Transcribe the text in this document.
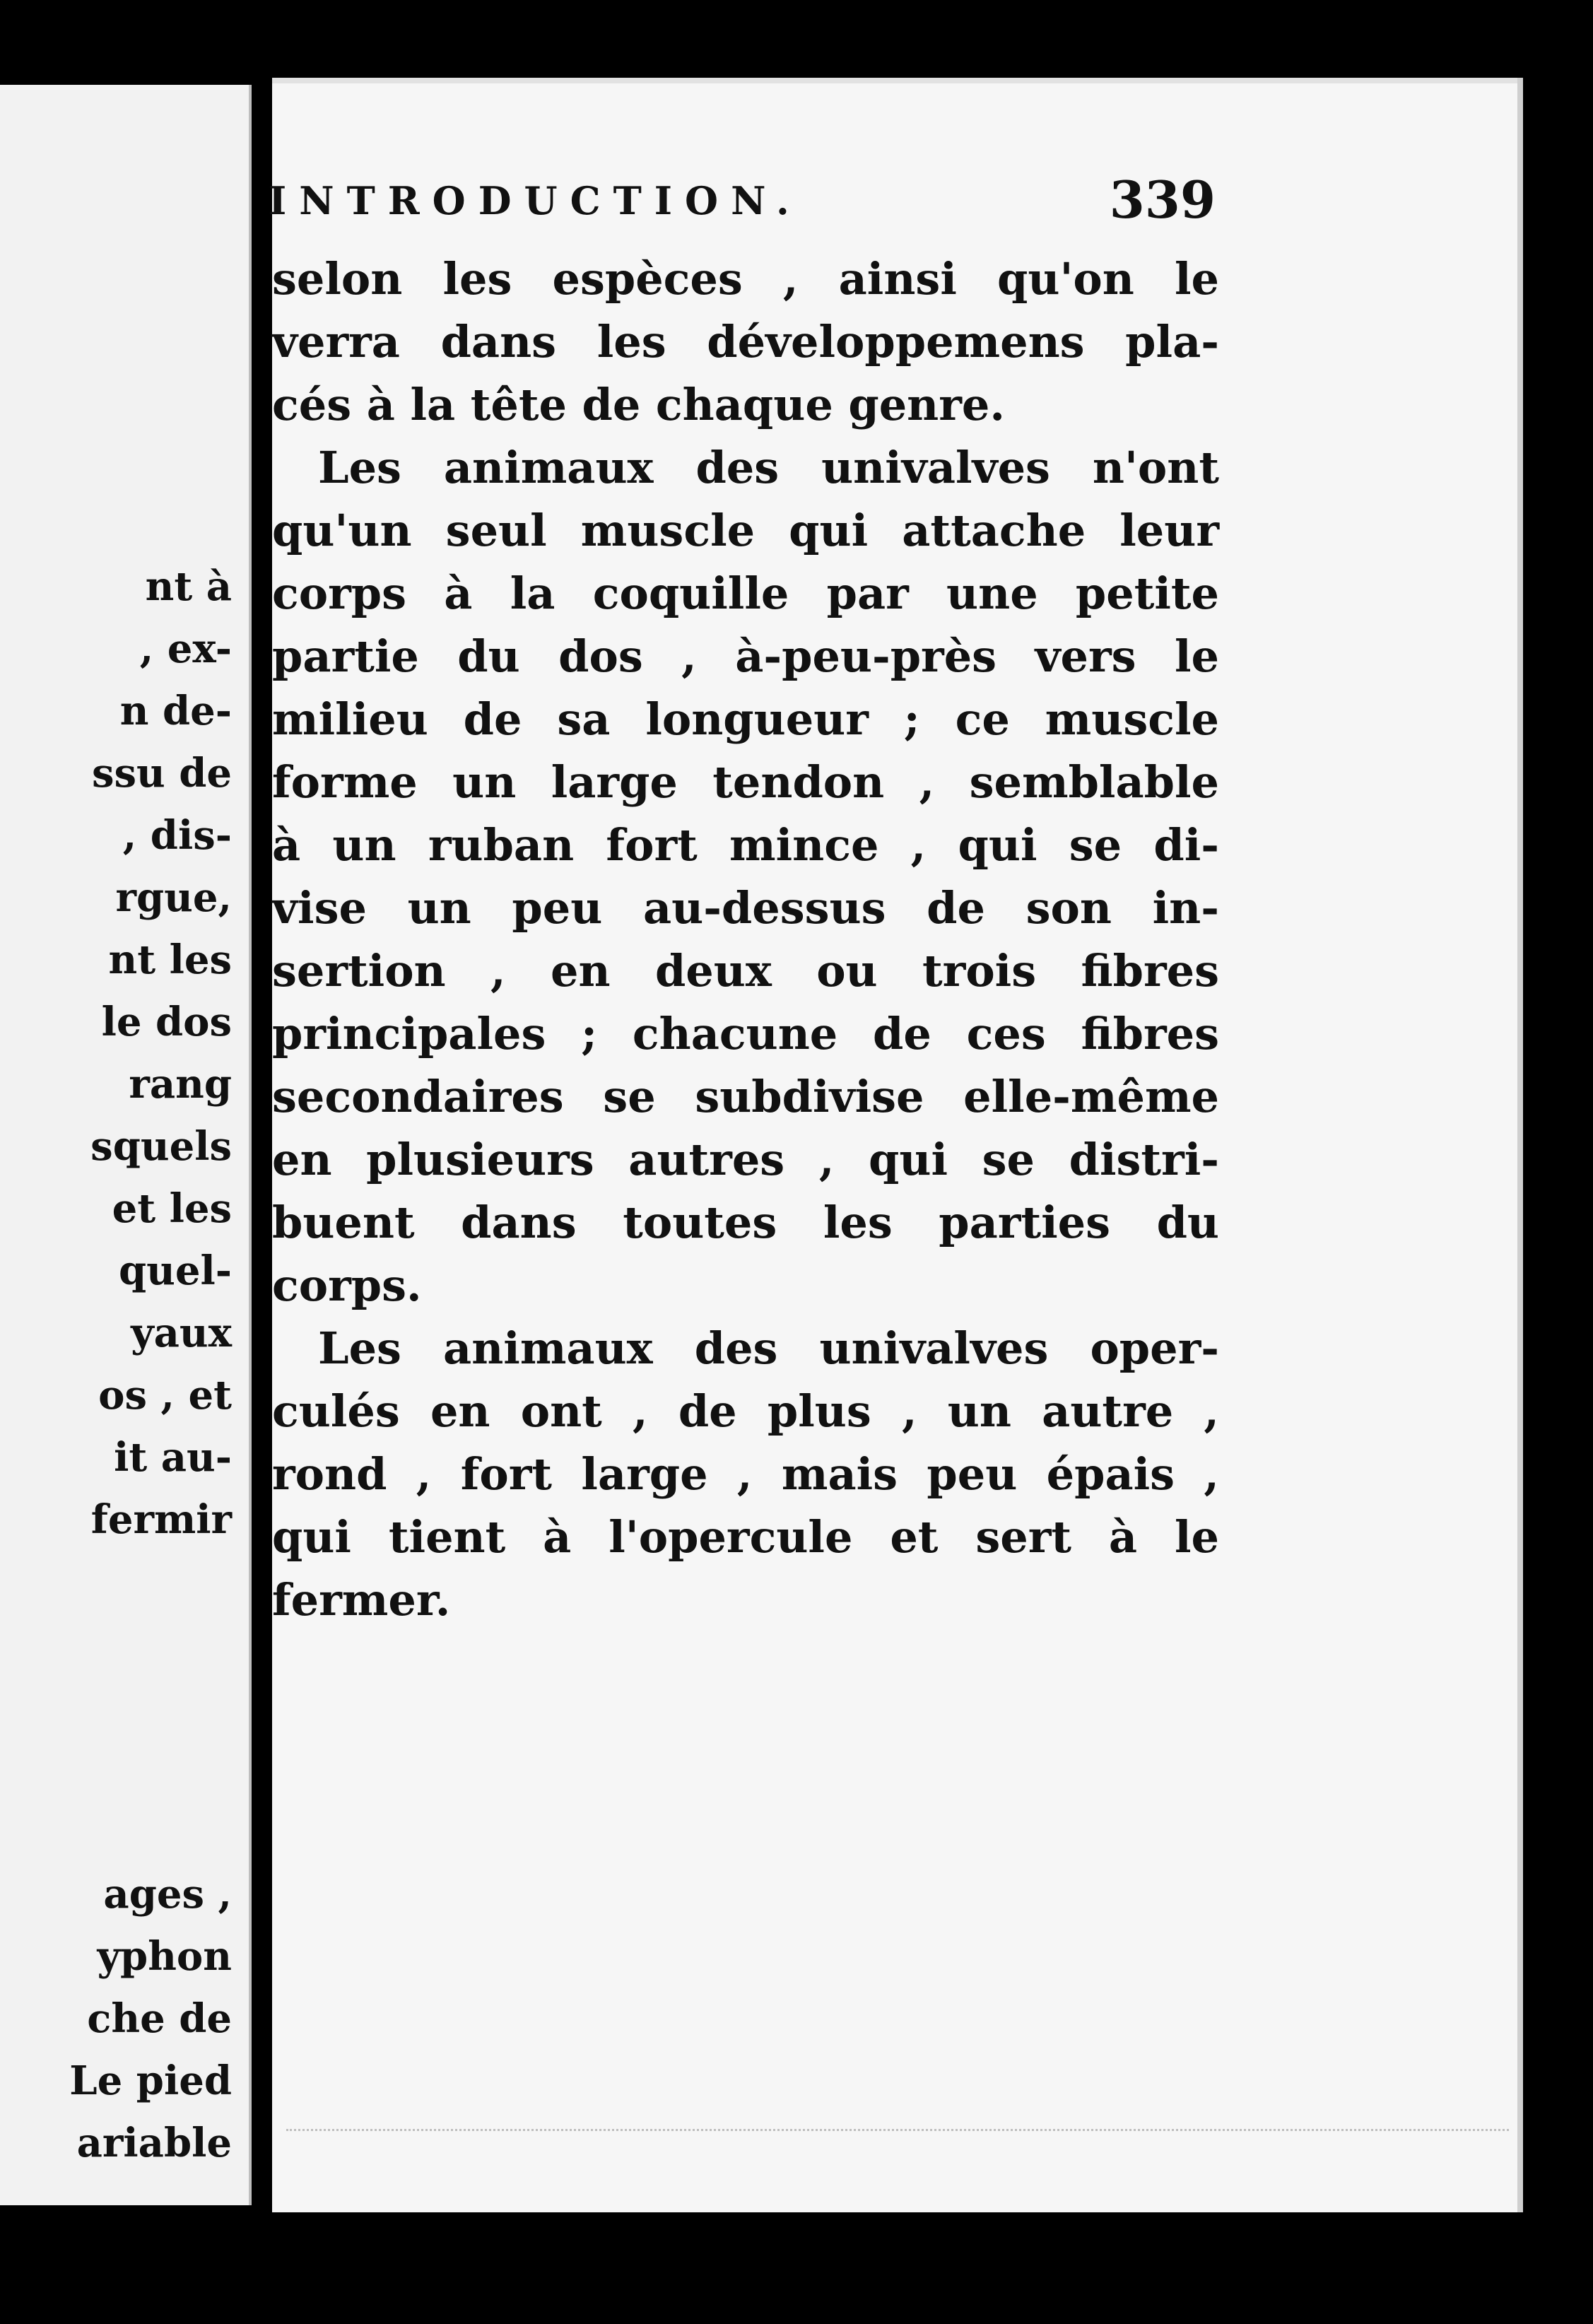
nt à
, ex-
n de-
ssu de
, dis-
rgue,
nt les
le dos
rang
squels
et les
quel-
yaux
os , et
it au-
fermir

ages ,
yphon
che de
Le pied
ariable

INTRODUCTION.	339
selon les espèces , ainsi qu'on le
verra dans les développemens pla-
cés à la tête de chaque genre.
Les animaux des univalves n'ont
qu'un seul muscle qui attache leur
corps à la coquille par une petite
partie du dos , à-peu-près vers le
milieu de sa longueur ; ce muscle
forme un large tendon , semblable
à un ruban fort mince , qui se di-
vise un peu au-dessus de son in-
sertion , en deux ou trois fibres
principales ; chacune de ces fibres
secondaires se subdivise elle-même
en plusieurs autres , qui se distri-
buent dans toutes les parties du
corps.
Les animaux des univalves oper-
culés en ont , de plus , un autre ,
rond , fort large , mais peu épais ,
qui tient à l'opercule et sert à le
fermer.
